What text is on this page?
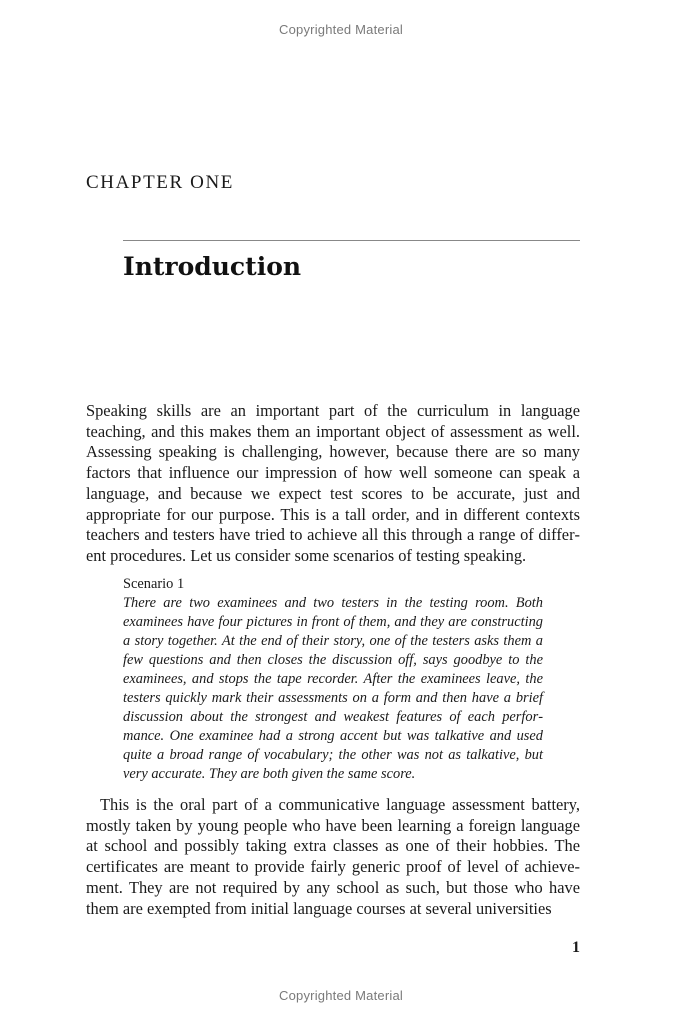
Copyrighted Material
CHAPTER ONE
Introduction

Speaking skills are an important part of the curriculum in language teaching, and this makes them an important object of assessment as well. Assessing speaking is challenging, however, because there are so many factors that influence our impression of how well someone can speak a language, and because we expect test scores to be accurate, just and appropriate for our purpose. This is a tall order, and in different contexts teachers and testers have tried to achieve all this through a range of different procedures. Let us consider some scenarios of testing speaking.

Scenario 1

There are two examinees and two testers in the testing room. Both examinees have four pictures in front of them, and they are constructing a story together. At the end of their story, one of the testers asks them a few questions and then closes the discussion off, says goodbye to the examinees, and stops the tape recorder. After the examinees leave, the testers quickly mark their assessments on a form and then have a brief discussion about the strongest and weakest features of each performance. One examinee had a strong accent but was talkative and used quite a broad range of vocabulary; the other was not as talkative, but very accurate. They are both given the same score.

This is the oral part of a communicative language assessment battery, mostly taken by young people who have been learning a foreign language at school and possibly taking extra classes as one of their hobbies. The certificates are meant to provide fairly generic proof of level of achievement. They are not required by any school as such, but those who have them are exempted from initial language courses at several universities

1
Copyrighted Material
